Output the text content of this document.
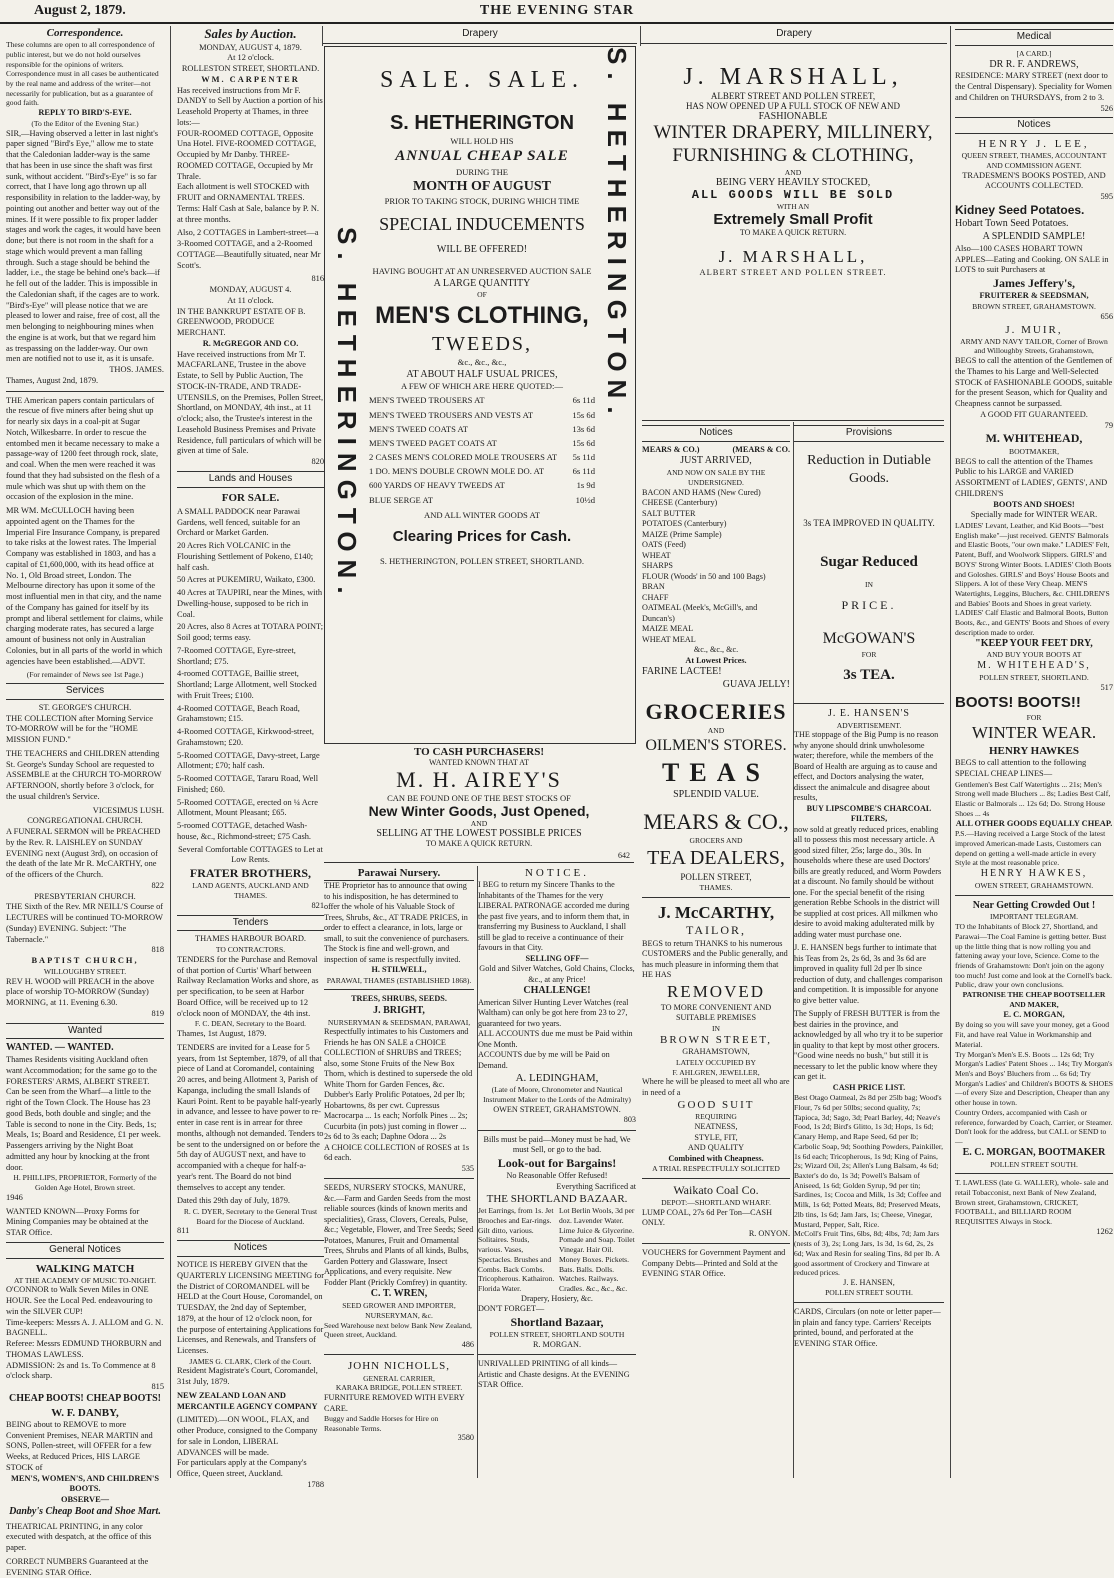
August 2, 1879.	THE EVENING STAR
Correspondence.
These columns are open to all correspondence of public interest, but we do not hold ourselves responsible for the opinions of writers. Correspondence must in all cases be authenticated by the real name and address of the writer—not necessarily for publication, but as a guarantee of good faith.
REPLY TO BIRD'S-EYE.
(To the Editor of the Evening Star.)
SIR,—Having observed a letter in last night's paper signed "Bird's Eye," allow me to state that the Caledonian ladder-way is the same that has been in use since the shaft was first sunk, without accident. "Bird's-Eye" is so far correct, that I have long ago thrown up all responsibility in relation to the ladder-way, by pointing out another and better way out of the mines. If it were possible to fix proper ladder stages and work the cages, it would have been done; but there is not room in the shaft for a stage which would prevent a man falling through. Such a stage should be behind the ladder, i.e., the stage be behind one's back—if he fell out of the ladder. This is impossible in the Caledonian shaft, if the cages are to work. "Bird's-Eye" will please notice that we are pleased to lower and raise, free of cost, all the men belonging to neighbouring mines when the engine is at work, but that we regard him as trespassing on the ladder-way. Our own men are notified not to use it, as it is unsafe.
THOS. JAMES.
Thames, August 2nd, 1879.
THE American papers contain particulars of the rescue of five miners after being shut up for nearly six days in a coal-pit at Sugar Notch, Wilkesbarre. In order to rescue the entombed men it became necessary to make a passage-way of 1200 feet through rock, slate, and coal. When the men were reached it was found that they had subsisted on the flesh of a mule which was shut up with them on the occasion of the explosion in the mine.
MR WM. McCULLOCH having been appointed agent on the Thames for the Imperial Fire Insurance Company, is prepared to take risks at the lowest rates. The Imperial Company was established in 1803, and has a capital of £1,600,000, with its head office at No. 1, Old Broad street, London. The Melbourne directory has upon it some of the most influential men in that city, and the name of the Company has gained for itself by its prompt and liberal settlement for claims, while charging moderate rates, has secured a large amount of business not only in Australian Colonies, but in all parts of the world in which agencies have been established.—ADVT.
(For remainder of News see 1st Page.)
Services
ST. GEORGE'S CHURCH.
THE COLLECTION after Morning Service TO-MORROW will be for the "HOME MISSION FUND."
THE TEACHERS and CHILDREN attending St. George's Sunday School are requested to ASSEMBLE at the CHURCH TO-MORROW AFTERNOON, shortly before 3 o'clock, for the usual children's Service.
VICESIMUS LUSH.
CONGREGATIONAL CHURCH.
A FUNERAL SERMON will be PREACHED by the Rev. R. LAISHLEY on SUNDAY EVENING next (August 3rd), on occasion of the death of the late Mr R. McCARTHY, one of the officers of the Church.
822
PRESBYTERIAN CHURCH.
THE Sixth of the Rev. MR NEILL'S Course of LECTURES will be continued TO-MORROW (Sunday) EVENING. Subject: "The Tabernacle."
818
BAPTIST CHURCH,
WILLOUGHBY STREET.
REV H. WOOD will PREACH in the above place of worship TO-MORROW (Sunday) MORNING, at 11. Evening 6.30.
819
Wanted
WANTED. — WANTED.
Thames Residents visiting Auckland often want Accommodation; for the same go to the FORESTERS' ARMS, ALBERT STREET. Can be seen from the Wharf—a little to the right of the Town Clock. The House has 23 good Beds, both double and single; and the Table is second to none in the City. Beds, 1s; Meals, 1s; Board and Residence, £1 per week. Passengers arriving by the Night Boat admitted any hour by knocking at the front door.
H. PHILLIPS, PROPRIETOR, Formerly of the Golden Age Hotel, Brown street.
1946
WANTED KNOWN—Proxy Forms for Mining Companies may be obtained at the STAR Office.
General Notices
WALKING MATCH
AT THE ACADEMY OF MUSIC TO-NIGHT.
O'CONNOR to Walk Seven Miles in ONE HOUR. See the Local Ped. endeavouring to win the SILVER CUP!
Time-keepers: Messrs A. J. ALLOM and G. N. BAGNELL.
Referee: Messrs EDMUND THORBURN and THOMAS LAWLESS.
ADMISSION: 2s and 1s. To Commence at 8 o'clock sharp.
815
CHEAP BOOTS! CHEAP BOOTS!
W. F. DANBY,
BEING about to REMOVE to more Convenient Premises, NEAR MARTIN and SONS, Pollen-street, will OFFER for a few Weeks, at Reduced Prices, HIS LARGE STOCK of
MEN'S, WOMEN'S, AND CHILDREN'S BOOTS.
OBSERVE—
Danby's Cheap Boot and Shoe Mart.
THEATRICAL PRINTING, in any color executed with despatch, at the office of this paper.
CORRECT NUMBERS Guaranteed at the EVENING STAR Office.
Sales by Auction.
MONDAY, AUGUST 4, 1879.
At 12 o'clock.
ROLLESTON STREET, SHORTLAND.
WM. CARPENTER
Has received instructions from Mr F. DANDY to Sell by Auction a portion of his Leasehold Property at Thames, in three lots:—
FOUR-ROOMED COTTAGE, Opposite Una Hotel. FIVE-ROOMED COTTAGE, Occupied by Mr Danby. THREE-ROOMED COTTAGE, Occupied by Mr Thrale.
Each allotment is well STOCKED with FRUIT and ORNAMENTAL TREES.
Terms: Half Cash at Sale, balance by P. N. at three months.
Also, 2 COTTAGES in Lambert-street—a 3-Roomed COTTAGE, and a 2-Roomed COTTAGE—Beautifully situated, near Mr Scott's.
816
MONDAY, AUGUST 4.
At 11 o'clock.
IN THE BANKRUPT ESTATE OF B. GREENWOOD, PRODUCE MERCHANT.
R. McGREGOR AND CO.
Have received instructions from Mr T. MACFARLANE, Trustee in the above Estate, to Sell by Public Auction, The STOCK-IN-TRADE, AND TRADE-UTENSILS, on the Premises, Pollen Street, Shortland, on MONDAY, 4th inst., at 11 o'clock; also, the Trustee's interest in the Leasehold Business Premises and Private Residence, full particulars of which will be given at time of Sale.
820
Lands and Houses
FOR SALE.
A SMALL PADDOCK near Parawai Gardens, well fenced, suitable for an Orchard or Market Garden.
20 Acres Rich VOLCANIC in the Flourishing Settlement of Pokeno, £140; half cash.
50 Acres at PUKEMIRU, Waikato, £300.
40 Acres at TAUPIRI, near the Mines, with Dwelling-house, supposed to be rich in Coal.
20 Acres, also 8 Acres at TOTARA POINT; Soil good; terms easy.
7-Roomed COTTAGE, Eyre-street, Shortland; £75.
4-roomed COTTAGE, Baillie street, Shortland; Large Allotment, well Stocked with Fruit Trees; £100.
4-Roomed COTTAGE, Beach Road, Grahamstown; £15.
4-Roomed COTTAGE, Kirkwood-street, Grahamstown; £20.
5-Roomed COTTAGE, Davy-street, Large Allotment; £70; half cash.
5-Roomed COTTAGE, Tararu Road, Well Finished; £60.
5-Roomed COTTAGE, erected on ¼ Acre Allotment, Mount Pleasant; £65.
5-roomed COTTAGE, detached Wash-house, &c., Richmond-street; £75 Cash.
Several Comfortable COTTAGES to Let at Low Rents.
FRATER BROTHERS,
LAND AGENTS, AUCKLAND AND THAMES.
821
Tenders
THAMES HARBOUR BOARD.
TO CONTRACTORS.
TENDERS for the Purchase and Removal of that portion of Curtis' Wharf between Railway Reclamation Works and shore, as per specification, to be seen at Harbor Board Office, will be received up to 12 o'clock noon of MONDAY, the 4th inst.
F. C. DEAN, Secretary to the Board.
Thames, 1st August, 1879.
TENDERS are invited for a Lease for 5 years, from 1st September, 1879, of all that piece of Land at Coromandel, containing 20 acres, and being Allotment 3, Parish of Kapanga, including the small Islands of Kauri Point. Rent to be payable half-yearly in advance, and lessee to have power to re-enter in case rent is in arrear for three months, although not demanded. Tenders to be sent to the undersigned on or before the 5th day of AUGUST next, and have to accompanied with a cheque for half-a-year's rent. The Board do not bind themselves to accept any tender.
Dated this 29th day of July, 1879.
R. C. DYER, Secretary to the General Trust Board for the Diocese of Auckland.
811
Notices
NOTICE IS HEREBY GIVEN that the QUARTERLY LICENSING MEETING for the District of COROMANDEL will be HELD at the Court House, Coromandel, on TUESDAY, the 2nd day of September, 1879, at the hour of 12 o'clock noon, for the purpose of entertaining Applications for Licenses, and Renewals, and Transfers of Licenses.
JAMES G. CLARK, Clerk of the Court.
Resident Magistrate's Court, Coromandel, 31st July, 1879.
NEW ZEALAND LOAN AND MERCANTILE AGENCY COMPANY
(LIMITED).—ON WOOL, FLAX, and other Produce, consigned to the Company for sale in London, LIBERAL ADVANCES will be made.
For particulars apply at the Company's Office, Queen street, Auckland.
1788
Drapery
S. HETHERINGTON.	S. HETHERINGTON.
SALE. SALE.
S. HETHERINGTON
WILL HOLD HIS
ANNUAL CHEAP SALE
DURING THE
MONTH OF AUGUST
PRIOR TO TAKING STOCK, DURING WHICH TIME
SPECIAL INDUCEMENTS
WILL BE OFFERED!
HAVING BOUGHT AT AN UNRESERVED AUCTION SALE
A LARGE QUANTITY
OF
MEN'S CLOTHING,
TWEEDS,
&c., &c., &c.,
AT ABOUT HALF USUAL PRICES,
A FEW OF WHICH ARE HERE QUOTED:—
MEN'S TWEED TROUSERS AT	6s 11d
MEN'S TWEED TROUSERS AND VESTS AT	15s 6d
MEN'S TWEED COATS AT	13s 6d
MEN'S TWEED PAGET COATS AT	15s 6d
2 CASES MEN'S COLORED MOLE TROUSERS AT 5s 11d
1 DO. MEN'S DOUBLE CROWN MOLE DO. AT	6s 11d
600 YARDS OF HEAVY TWEEDS AT	1s 9d
BLUE SERGE AT	10½d
AND ALL WINTER GOODS AT
Clearing Prices for Cash.
S. HETHERINGTON, POLLEN STREET, SHORTLAND.
TO CASH PURCHASERS!
WANTED KNOWN THAT AT
M. H. AIREY'S
CAN BE FOUND ONE OF THE BEST STOCKS OF
New Winter Goods, Just Opened,
AND
SELLING AT THE LOWEST POSSIBLE PRICES
TO MAKE A QUICK RETURN.
642
Parawai Nursery.
THE Proprietor has to announce that owing to his indisposition, he has determined to offer the whole of his Valuable Stock of Trees, Shrubs, &c., AT TRADE PRICES, in order to effect a clearance, in lots, large or small, to suit the convenience of purchasers. The Stock is fine and well-grown, and inspection of same is respectfully invited.
H. STILWELL,
PARAWAI, THAMES (ESTABLISHED 1868).
TREES, SHRUBS, SEEDS.
J. BRIGHT,
NURSERYMAN & SEEDSMAN, PARAWAI,
Respectfully intimates to his Customers and Friends he has ON SALE a CHOICE COLLECTION of SHRUBS and TREES; also, some Stone Fruits of the New Box Thorn, which is destined to supersede the old White Thorn for Garden Fences, &c.
Dubber's Early Prolific Potatoes, 2d per lb; Hobartowns, 8s per cwt. Cupressus Macrocarpa ... 1s each; Norfolk Pines ... 2s; Cucurbita (in pots) just coming in flower ... 2s 6d to 3s each; Daphne Odora ... 2s
A CHOICE COLLECTION of ROSES at 1s 6d each.
535
SEEDS, NURSERY STOCKS, MANURE, &c.—Farm and Garden Seeds from the most reliable sources (kinds of known merits and specialities), Grass, Clovers, Cereals, Pulse, &c.; Vegetable, Flower, and Tree Seeds; Seed Potatoes, Manures, Fruit and Ornamental Trees, Shrubs and Plants of all kinds, Bulbs, Garden Pottery and Glassware, Insect Applications, and every requisite. New Fodder Plant (Prickly Comfrey) in quantity.
C. T. WREN,
SEED GROWER AND IMPORTER, NURSERYMAN, &c.
Seed Warehouse next below Bank New Zealand, Queen street, Auckland.
486
JOHN NICHOLLS,
GENERAL CARRIER,
KARAKA BRIDGE, POLLEN STREET.
FURNITURE REMOVED WITH EVERY CARE.
Buggy and Saddle Horses for Hire on Reasonable Terms.
3580
NOTICE.
I BEG to return my Sincere Thanks to the Inhabitants of the Thames for the very LIBERAL PATRONAGE accorded me during the past five years, and to inform them that, in transferring my Business to Auckland, I shall still be glad to receive a continuance of their favours in that City.
SELLING OFF—
Gold and Silver Watches, Gold Chains, Clocks, &c., at any Price!
CHALLENGE!
American Silver Hunting Lever Watches (real Waltham) can only be got here from 23 to 27, guaranteed for two years.
ALL ACCOUNTS due me must be Paid within One Month.
ACCOUNTS due by me will be Paid on Demand.
A. LEDINGHAM,
(Late of Moore, Chronometer and Nautical Instrument Maker to the Lords of the Admiralty)
OWEN STREET, GRAHAMSTOWN.
803
Bills must be paid—Money must be had, We must Sell, or go to the bad.
Look-out for Bargains!
No Reasonable Offer Refused!
Everything Sacrificed at
THE SHORTLAND BAZAAR.
Jet Earrings, from 1s. Jet Brooches and Ear-rings. Gilt ditto, various. Solitaires. Studs, various. Vases, Spectacles. Brushes and Combs. Back Combs. Tricopherous. Kathairon. Florida Water.
Lot Berlin Wools, 3d per doz. Lavender Water. Lime Juice & Glycerine. Pomade and Soap. Toilet Vinegar. Hair Oil. Money Boxes. Pickets. Bats. Balls. Dolls. Watches. Railways. Cradles. &c., &c., &c.
Drapery, Hosiery, &c.
DON'T FORGET—
Shortland Bazaar,
POLLEN STREET, SHORTLAND SOUTH
R. MORGAN.
UNRIVALLED PRINTING of all kinds—Artistic and Chaste designs. At the EVENING STAR Office.
Drapery
J. MARSHALL,
ALBERT STREET AND POLLEN STREET,
HAS NOW OPENED UP A FULL STOCK OF NEW AND
FASHIONABLE
WINTER DRAPERY, MILLINERY, FURNISHING & CLOTHING,
AND
BEING VERY HEAVILY STOCKED,
ALL GOODS WILL BE SOLD
WITH AN
Extremely Small Profit
TO MAKE A QUICK RETURN.
J. MARSHALL,
ALBERT STREET AND POLLEN STREET.
Notices
MEARS & CO.)	(MEARS & CO.
JUST ARRIVED,
AND NOW ON SALE BY THE UNDERSIGNED.
BACON AND HAMS (New Cured)
CHEESE (Canterbury)
SALT BUTTER
POTATOES (Canterbury)
MAIZE (Prime Sample)
OATS (Feed)
WHEAT
SHARPS
FLOUR (Woods' in 50 and 100 Bags)
BRAN
CHAFF
OATMEAL (Meek's, McGill's, and Duncan's)
MAIZE MEAL
WHEAT MEAL
&c., &c., &c.
At Lowest Prices.
FARINE LACTEE!
GUAVA JELLY!
GROCERIES
AND
OILMEN'S STORES.
TEAS
SPLENDID VALUE.
MEARS & CO.,
GROCERS AND
TEA DEALERS,
POLLEN STREET,
THAMES.
J. McCARTHY,
TAILOR,
BEGS to return THANKS to his numerous CUSTOMERS and the Public generally, and has much pleasure in informing them that HE HAS
REMOVED
TO MORE CONVENIENT AND SUITABLE PREMISES
IN
BROWN STREET,
GRAHAMSTOWN,
LATELY OCCUPIED BY
F. AHLGREN, JEWELLER,
Where he will be pleased to meet all who are in need of a
GOOD SUIT
REQUIRING
NEATNESS,
STYLE, FIT,
AND QUALITY
Combined with Cheapness.
A TRIAL RESPECTFULLY SOLICITED
Waikato Coal Co.
DEPOT:—SHORTLAND WHARF.
LUMP COAL, 27s 6d Per Ton—CASH ONLY.
R. ONYON.
VOUCHERS for Government Payment and Company Debts—Printed and Sold at the EVENING STAR Office.
Provisions
Reduction in Dutiable Goods.
3s TEA IMPROVED IN QUALITY.
Sugar Reduced
IN
PRICE.
McGOWAN'S
FOR
3s TEA.
J. E. HANSEN'S
ADVERTISEMENT.
THE stoppage of the Big Pump is no reason why anyone should drink unwholesome water; therefore, while the members of the Board of Health are arguing as to cause and effect, and Doctors analysing the water, dissect the animalcule and disagree about results,
BUY LIPSCOMBE'S CHARCOAL FILTERS,
now sold at greatly reduced prices, enabling all to possess this most necessary article. A good sized filter, 25s; large do., 30s. In households where these are used Doctors' bills are greatly reduced, and Worm Powders at a discount. No family should be without one. For the special benefit of the rising generation Rebbe Schools in the district will be supplied at cost prices. All milkmen who desire to avoid making adulterated milk by adding water must purchase one.
J. E. HANSEN begs further to intimate that his Teas from 2s, 2s 6d, 3s and 3s 6d are improved in quality full 2d per lb since reduction of duty, and challenges comparison and competition. It is impossible for anyone to give better value.
The Supply of FRESH BUTTER is from the best dairies in the province, and acknowledged by all who try it to be superior in quality to that kept by most other grocers. "Good wine needs no bush," but still it is necessary to let the public know where they can get it.
CASH PRICE LIST.
Best Otago Oatmeal, 2s 8d per 25lb bag; Wood's Flour, 7s 6d per 50lbs; second quality, 7s; Tapioca, 3d; Sago, 3d; Pearl Barley, 4d; Neave's Food, 1s 2d; Bird's Glitto, 1s 3d; Hops, 1s 6d; Canary Hemp, and Rape Seed, 6d per lb; Carbolic Soap, 9d; Soothing Powders, Painkiller, 1s 6d each; Tricopherous, 1s 9d; King of Pains, 2s; Wizard Oil, 2s; Allen's Lung Balsam, 4s 6d; Baxter's do do, 1s 3d; Powell's Balsam of Aniseed, 1s 6d; Golden Syrup, 9d per tin; Sardines, 1s; Cocoa and Milk, 1s 3d; Coffee and Milk, 1s 6d; Potted Meats, 8d; Preserved Meats, 2lb tins, 1s 6d; Jam Jars, 1s; Cheese, Vinegar, Mustard, Pepper, Salt, Rice.
McColl's Fruit Tins, 6lbs, 8d; 4lbs, 7d; Jam Jars (nests of 3), 2s; Long Jars, 1s 3d, 1s 6d, 2s, 2s 6d; Wax and Resin for sealing Tins, 8d per lb. A good assortment of Crockery and Tinware at reduced prices.
J. E. HANSEN,
POLLEN STREET SOUTH.
CARDS, Circulars (on note or letter paper—in plain and fancy type. Carriers' Receipts printed, bound, and perforated at the EVENING STAR Office.
Medical
[A CARD.]
DR R. F. ANDREWS,
RESIDENCE: MARY STREET (next door to the Central Dispensary). Speciality for Women and Children on THURSDAYS, from 2 to 3.
526
Notices
HENRY J. LEE,
QUEEN STREET, THAMES, ACCOUNTANT AND COMMISSION AGENT.
TRADESMEN'S BOOKS POSTED, AND ACCOUNTS COLLECTED.
595
Kidney Seed Potatoes.
Hobart Town Seed Potatoes.
A SPLENDID SAMPLE!
Also—100 CASES HOBART TOWN APPLES—Eating and Cooking. ON SALE in LOTS to suit Purchasers at
James Jeffery's,
FRUITERER & SEEDSMAN,
BROWN STREET, GRAHAMSTOWN.
656
J. MUIR,
ARMY AND NAVY TAILOR, Corner of Brown and Willoughby Streets, Grahamstown,
BEGS to call the attention of the Gentlemen of the Thames to his Large and Well-Selected STOCK of FASHIONABLE GOODS, suitable for the present Season, which for Quality and Cheapness cannot be surpassed.
A GOOD FIT GUARANTEED.
79
M. WHITEHEAD,
BOOTMAKER,
BEGS to call the attention of the Thames Public to his LARGE and VARIED ASSORTMENT of LADIES', GENTS', AND CHILDREN'S
BOOTS AND SHOES!
Specially made for WINTER WEAR.
LADIES' Levant, Leather, and Kid Boots—"best English make"—just received. GENTS' Balmorals and Elastic Boots, "our own make." LADIES' Felt, Patent, Buff, and Woolwork Slippers. GIRLS' and BOYS' Strong Winter Boots. LADIES' Cloth Boots and Goloshes. GIRLS' and Boys' House Boots and Slippers. A lot of these Very Cheap. MEN'S Watertights, Leggins, Bluchers, &c. CHILDREN'S and Babies' Boots and Shoes in great variety. LADIES' Calf Elastic and Balmoral Boots, Button Boots, &c., and GENTS' Boots and Shoes of every description made to order.
"KEEP YOUR FEET DRY,
AND BUY YOUR BOOTS AT
M. WHITEHEAD'S,
POLLEN STREET, SHORTLAND.
517
BOOTS! BOOTS!!
FOR
WINTER WEAR.
HENRY HAWKES
BEGS to call attention to the following SPECIAL CHEAP LINES—
Gentlemen's Best Calf Watertights ... 21s; Men's Strong well made Bluchers ... 8s; Ladies Best Calf, Elastic or Balmorals ... 12s 6d; Do. Strong House Shoes ... 4s
ALL OTHER GOODS EQUALLY CHEAP.
P.S.—Having received a Large Stock of the latest improved American-made Lasts, Customers can depend on getting a well-made article in every Style at the most reasonable price.
HENRY HAWKES,
OWEN STREET, GRAHAMSTOWN.
Near Getting Crowded Out !
IMPORTANT TELEGRAM.
TO the Inhabitants of Block 27, Shortland, and Parawai—The Coal Famine is getting better. Bust up the little thing that is now rolling you and fattening away your love, Science. Come to the friends of Grahamstown: Don't join on the agony too much! Just come and look at the Cornell's back. Public, draw your own conclusions.
PATRONISE THE CHEAP BOOTSELLER AND MAKER,
E. C. MORGAN,
By doing so you will save your money, get a Good Fit, and have real Value in Workmanship and Material.
Try Morgan's Men's E.S. Boots ... 12s 6d; Try Morgan's Ladies' Patent Shoes ... 14s; Try Morgan's Men's and Boys' Bluchers from ... 6s 6d; Try Morgan's Ladies' and Children's BOOTS & SHOES—of every Size and Description, Cheaper than any other house in town.
Country Orders, accompanied with Cash or reference, forwarded by Coach, Carrier, or Steamer. Don't look for the address, but CALL or SEND to—
E. C. MORGAN, BOOTMAKER
POLLEN STREET SOUTH.
T. LAWLESS (late G. WALLER), whole- sale and retail Tobacconist, next Bank of New Zealand, Brown street, Grahamstown, CRICKET, FOOTBALL, and BILLIARD ROOM REQUISITES Always in Stock.
1262
